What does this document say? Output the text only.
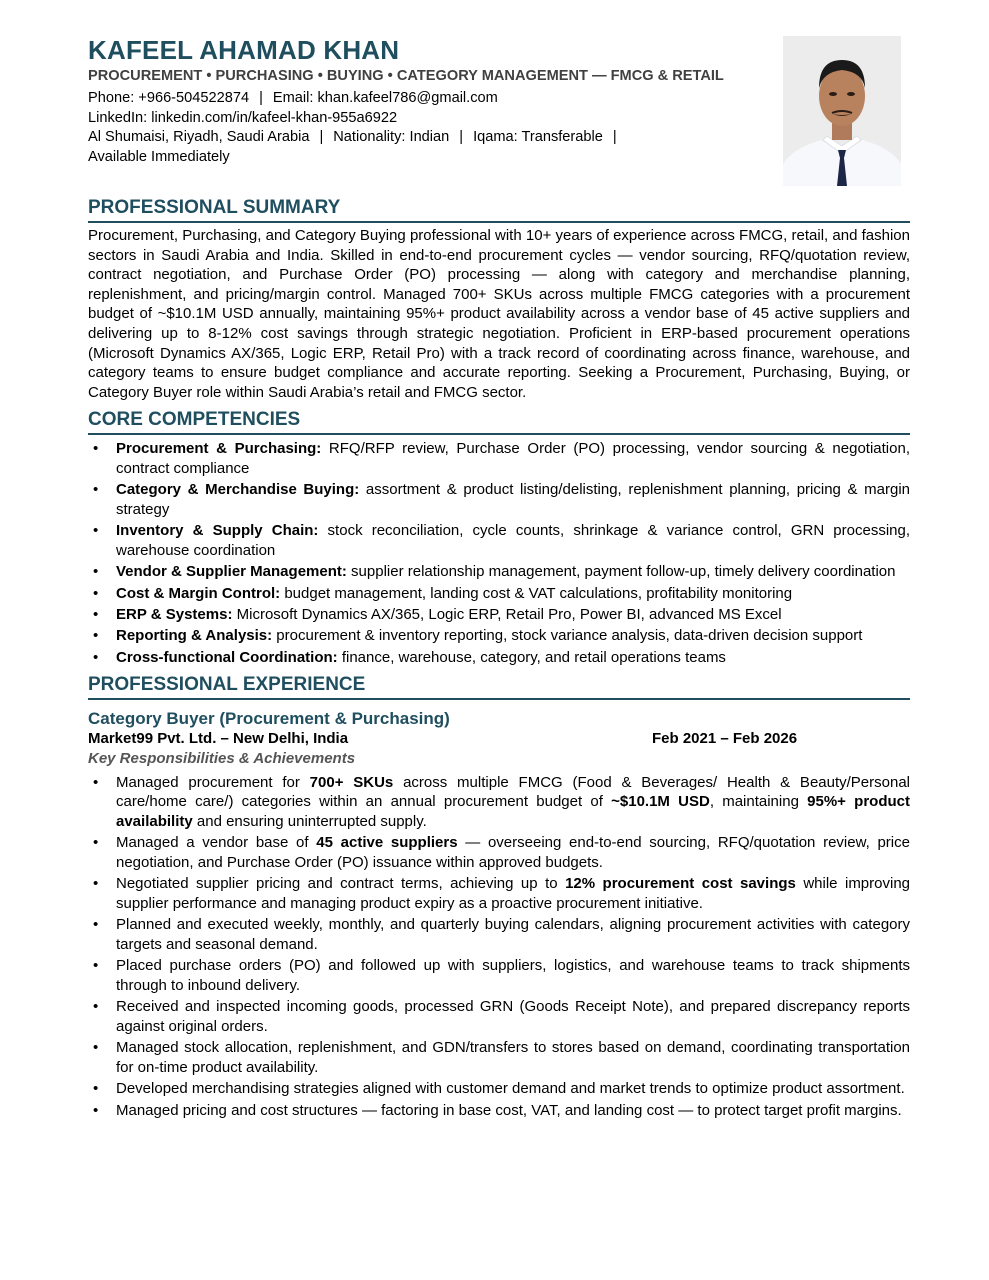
KAFEEL AHAMAD KHAN
PROCUREMENT • PURCHASING • BUYING • CATEGORY MANAGEMENT — FMCG & RETAIL
Phone: +966-504522874 | Email: khan.kafeel786@gmail.com
LinkedIn: linkedin.com/in/kafeel-khan-955a6922
Al Shumaisi, Riyadh, Saudi Arabia | Nationality: Indian | Iqama: Transferable |
Available Immediately
PROFESSIONAL SUMMARY
Procurement, Purchasing, and Category Buying professional with 10+ years of experience across FMCG, retail, and fashion sectors in Saudi Arabia and India. Skilled in end-to-end procurement cycles — vendor sourcing, RFQ/quotation review, contract negotiation, and Purchase Order (PO) processing — along with category and merchandise planning, replenishment, and pricing/margin control. Managed 700+ SKUs across multiple FMCG categories with a procurement budget of ~$10.1M USD annually, maintaining 95%+ product availability across a vendor base of 45 active suppliers and delivering up to 8-12% cost savings through strategic negotiation. Proficient in ERP-based procurement operations (Microsoft Dynamics AX/365, Logic ERP, Retail Pro) with a track record of coordinating across finance, warehouse, and category teams to ensure budget compliance and accurate reporting. Seeking a Procurement, Purchasing, Buying, or Category Buyer role within Saudi Arabia’s retail and FMCG sector.
CORE COMPETENCIES
• Procurement & Purchasing: RFQ/RFP review, Purchase Order (PO) processing, vendor sourcing & negotiation, contract compliance
• Category & Merchandise Buying: assortment & product listing/delisting, replenishment planning, pricing & margin strategy
• Inventory & Supply Chain: stock reconciliation, cycle counts, shrinkage & variance control, GRN processing, warehouse coordination
• Vendor & Supplier Management: supplier relationship management, payment follow-up, timely delivery coordination
• Cost & Margin Control: budget management, landing cost & VAT calculations, profitability monitoring
• ERP & Systems: Microsoft Dynamics AX/365, Logic ERP, Retail Pro, Power BI, advanced MS Excel
• Reporting & Analysis: procurement & inventory reporting, stock variance analysis, data-driven decision support
• Cross-functional Coordination: finance, warehouse, category, and retail operations teams
PROFESSIONAL EXPERIENCE
Category Buyer (Procurement & Purchasing)
Market99 Pvt. Ltd. – New Delhi, India	Feb 2021 – Feb 2026
Key Responsibilities & Achievements
• Managed procurement for 700+ SKUs across multiple FMCG (Food & Beverages/ Health & Beauty/Personal care/home care/) categories within an annual procurement budget of ~$10.1M USD, maintaining 95%+ product availability and ensuring uninterrupted supply.
• Managed a vendor base of 45 active suppliers — overseeing end-to-end sourcing, RFQ/quotation review, price negotiation, and Purchase Order (PO) issuance within approved budgets.
• Negotiated supplier pricing and contract terms, achieving up to 12% procurement cost savings while improving supplier performance and managing product expiry as a proactive procurement initiative.
• Planned and executed weekly, monthly, and quarterly buying calendars, aligning procurement activities with category targets and seasonal demand.
• Placed purchase orders (PO) and followed up with suppliers, logistics, and warehouse teams to track shipments through to inbound delivery.
• Received and inspected incoming goods, processed GRN (Goods Receipt Note), and prepared discrepancy reports against original orders.
• Managed stock allocation, replenishment, and GDN/transfers to stores based on demand, coordinating transportation for on-time product availability.
• Developed merchandising strategies aligned with customer demand and market trends to optimize product assortment.
• Managed pricing and cost structures — factoring in base cost, VAT, and landing cost — to protect target profit margins.
